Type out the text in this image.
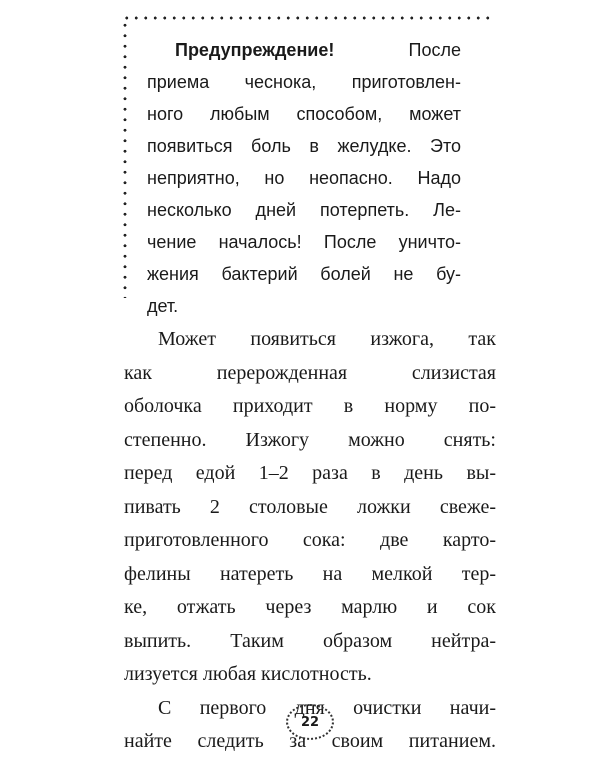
Предупреждение!	После
приема чеснока, приготовлен-
ного любым способом, может
появиться боль в желудке. Это
неприятно, но неопасно. Надо
несколько дней потерпеть. Ле-
чение началось! После уничто-
жения бактерий болей не бу-
дет.
Может появиться изжога, так
как перерожденная слизистая
оболочка приходит в норму по-
степенно. Изжогу можно снять:
перед едой 1–2 раза в день вы-
пивать 2 столовые ложки свеже-
приготовленного сока: две карто-
фелины натереть на мелкой тер-
ке, отжать через марлю и сок
выпить. Таким образом нейтра-
лизуется любая кислотность.
С первого дня очистки начи-
найте следить за своим питанием.
22
